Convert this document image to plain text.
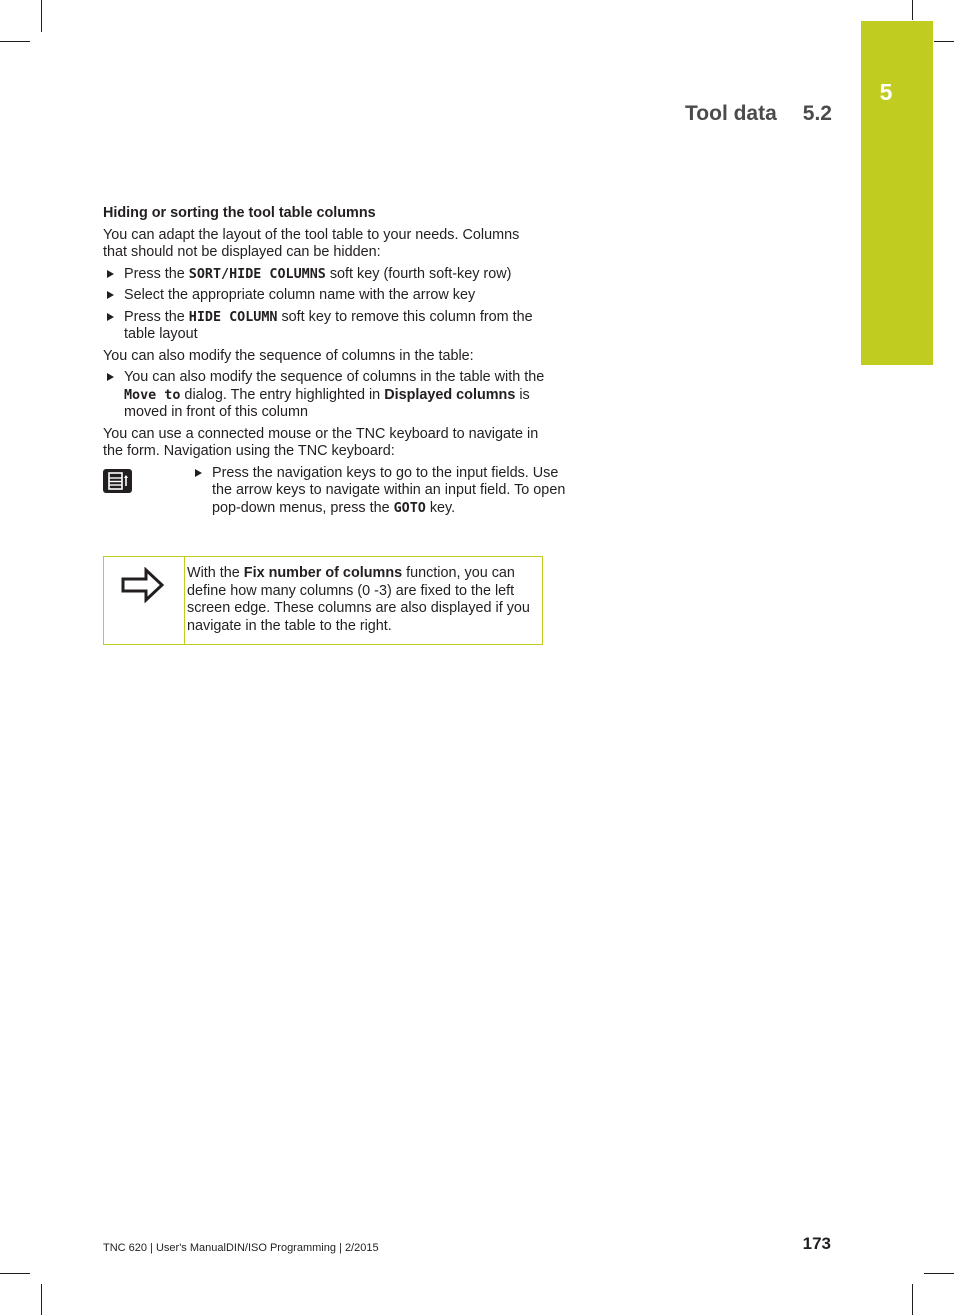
5
Tool data 5.2

Hiding or sorting the tool table columns

You can adapt the layout of the tool table to your needs. Columns that should not be displayed can be hidden:

Press the SORT/HIDE COLUMNS soft key (fourth soft-key row)
Select the appropriate column name with the arrow key
Press the HIDE COLUMN soft key to remove this column from the table layout

You can also modify the sequence of columns in the table:

You can also modify the sequence of columns in the table with the Move to dialog. The entry highlighted in Displayed columns is moved in front of this column

You can use a connected mouse or the TNC keyboard to navigate in the form. Navigation using the TNC keyboard:

Press the navigation keys to go to the input fields. Use the arrow keys to navigate within an input field. To open pop-down menus, press the GOTO key.
With the Fix number of columns function, you can define how many columns (0 -3) are fixed to the left screen edge. These columns are also displayed if you navigate in the table to the right.
TNC 620 | User's ManualDIN/ISO Programming | 2/2015	173
